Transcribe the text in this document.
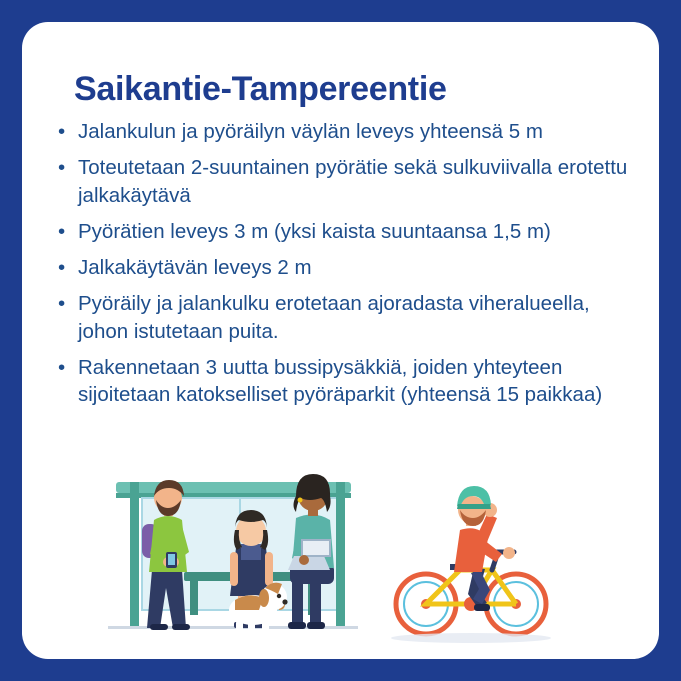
Saikantie-Tampereentie
• Jalankulun ja pyöräilyn väylän leveys yhteensä 5 m
• Toteutetaan 2-suuntainen pyörätie sekä sulkuviivalla erotettu jalkakäytävä
• Pyörätien leveys 3 m (yksi kaista suuntaansa 1,5 m)
• Jalkakäytävän leveys 2 m
• Pyöräily ja jalankulku erotetaan ajoradasta viheralueella, johon istutetaan puita.
• Rakennetaan 3 uutta bussipysäkkiä, joiden yhteyteen sijoitetaan katokselliset pyöräparkit (yhteensä 15 paikkaa)
